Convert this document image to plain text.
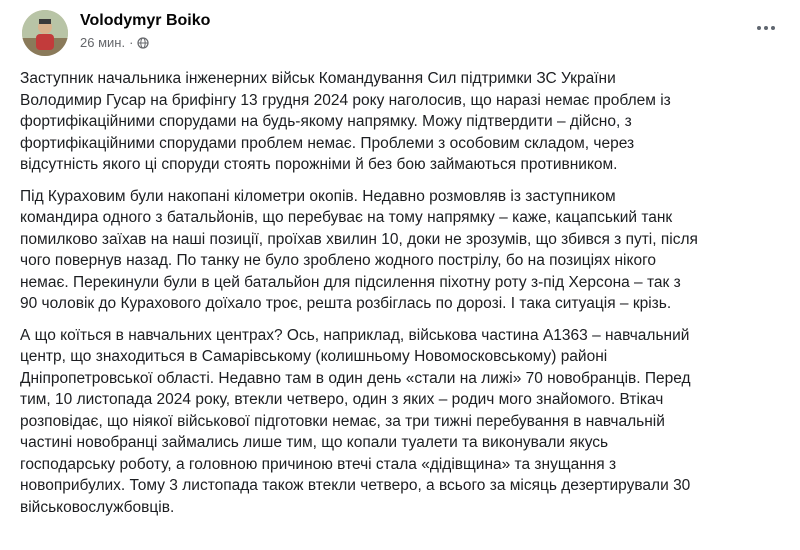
Volodymyr Boiko
26 мин. ·

Заступник начальника інженерних військ Командування Сил підтримки ЗС України
Володимир Гусар на брифінгу 13 грудня 2024 року наголосив, що наразі немає проблем із
фортифікаційними спорудами на будь-якому напрямку. Можу підтвердити – дійсно, з
фортифікаційними спорудами проблем немає. Проблеми з особовим складом, через
відсутність якого ці споруди стоять порожніми й без бою займаються противником.

Під Кураховим були накопані кілометри окопів. Недавно розмовляв із заступником
командира одного з батальйонів, що перебуває на тому напрямку – каже, кацапський танк
помилково заїхав на наші позиції, проїхав хвилин 10, доки не зрозумів, що збився з путі, після
чого повернув назад. По танку не було зроблено жодного пострілу, бо на позиціях нікого
немає. Перекинули були в цей батальйон для підсилення піхотну роту з-під Херсона – так з
90 чоловік до Курахового доїхало троє, решта розбіглась по дорозі. І така ситуація – крізь.

А що коїться в навчальних центрах? Ось, наприклад, військова частина А1363 – навчальний
центр, що знаходиться в Самарівському (колишньому Новомосковському) районі
Дніпропетровської області. Недавно там в один день «стали на лижі» 70 новобранців. Перед
тим, 10 листопада 2024 року, втекли четверо, один з яких – родич мого знайомого. Втікач
розповідає, що ніякої військової підготовки немає, за три тижні перебування в навчальній
частині новобранці займались лише тим, що копали туалети та виконували якусь
господарську роботу, а головною причиною втечі стала «дідівщина» та знущання з
новоприбулих. Тому 3 листопада також втекли четверо, а всього за місяць дезертирували 30
військовослужбовців.
